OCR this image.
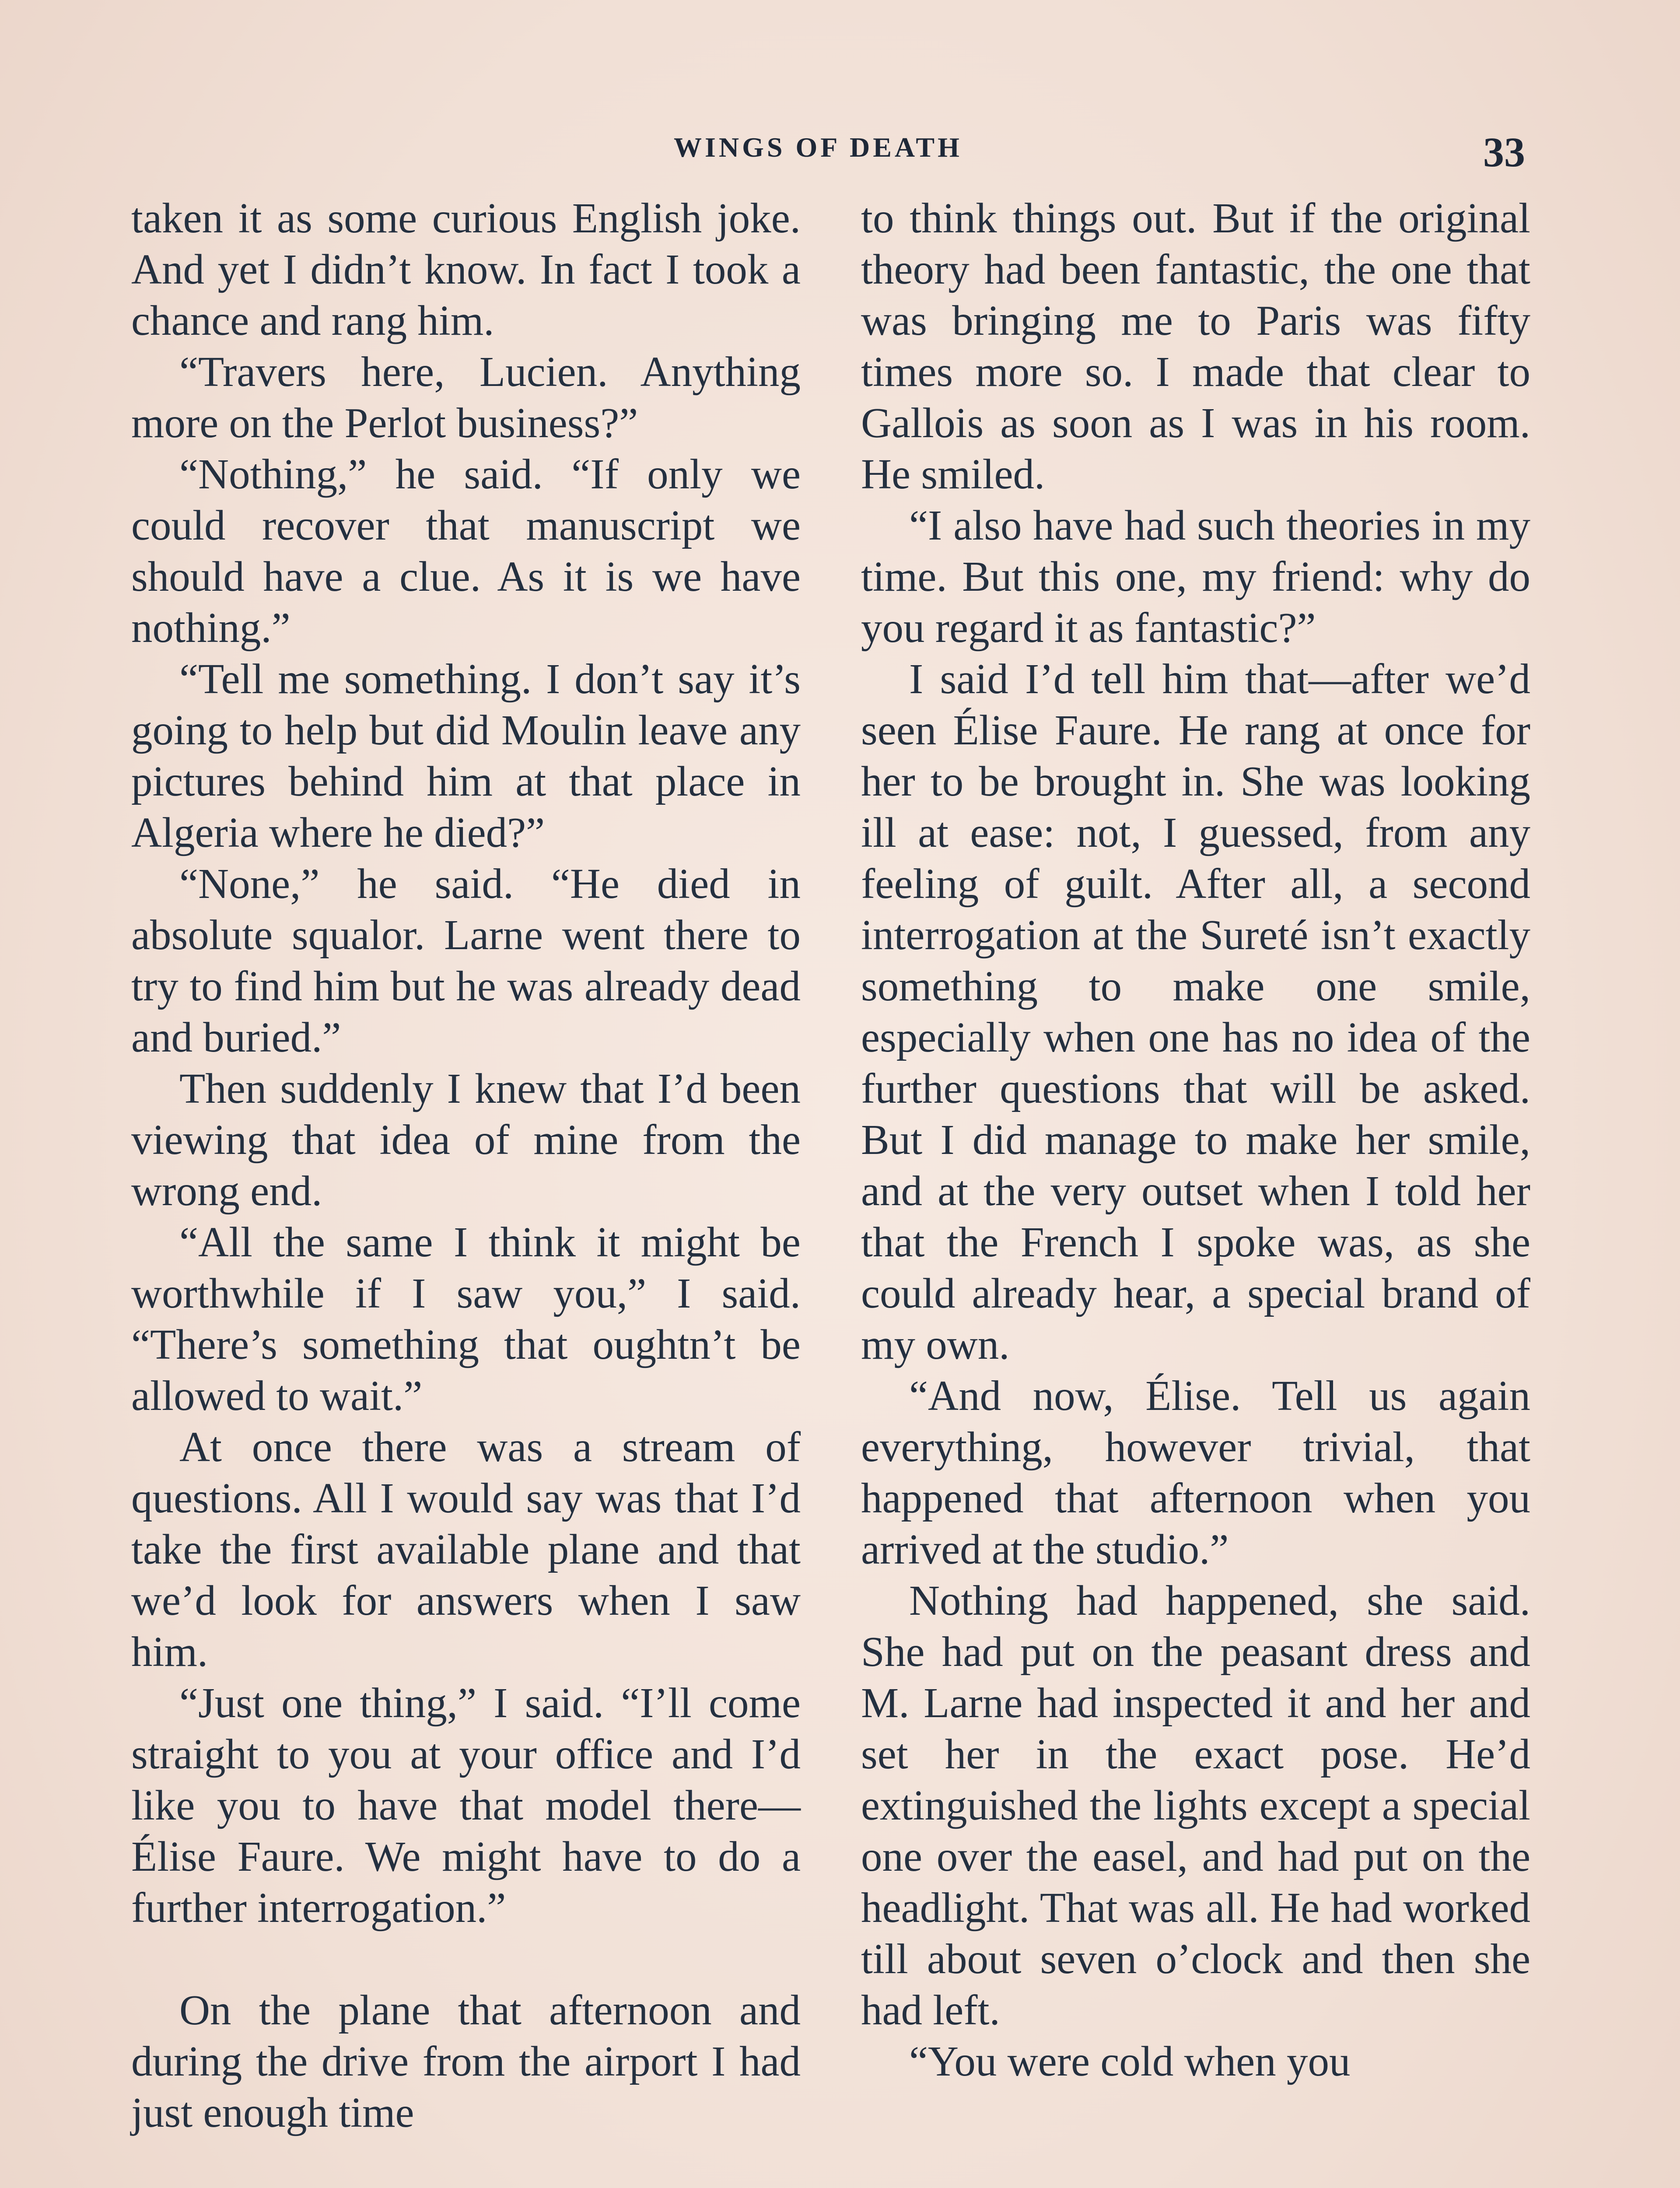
WINGS OF DEATH	33

taken it as some curious English joke. And yet I didn’t know. In fact I took a chance and rang him.

“Travers here, Lucien. Anything more on the Perlot business?”

“Nothing,” he said. “If only we could recover that manuscript we should have a clue. As it is we have nothing.”

“Tell me something. I don’t say it’s going to help but did Moulin leave any pictures behind him at that place in Algeria where he died?”

“None,” he said. “He died in absolute squalor. Larne went there to try to find him but he was already dead and buried.”

Then suddenly I knew that I’d been viewing that idea of mine from the wrong end.

“All the same I think it might be worthwhile if I saw you,” I said. “There’s something that oughtn’t be allowed to wait.”

At once there was a stream of questions. All I would say was that I’d take the first available plane and that we’d look for answers when I saw him.

“Just one thing,” I said. “I’ll come straight to you at your office and I’d like you to have that model there—Élise Faure. We might have to do a further interrogation.”

On the plane that afternoon and during the drive from the airport I had just enough time

to think things out. But if the original theory had been fantastic, the one that was bringing me to Paris was fifty times more so. I made that clear to Gallois as soon as I was in his room. He smiled.

“I also have had such theories in my time. But this one, my friend: why do you regard it as fantastic?”

I said I’d tell him that—after we’d seen Élise Faure. He rang at once for her to be brought in. She was looking ill at ease: not, I guessed, from any feeling of guilt. After all, a second interrogation at the Sureté isn’t exactly something to make one smile, especially when one has no idea of the further questions that will be asked. But I did manage to make her smile, and at the very outset when I told her that the French I spoke was, as she could already hear, a special brand of my own.

“And now, Élise. Tell us again everything, however trivial, that happened that afternoon when you arrived at the studio.”

Nothing had happened, she said. She had put on the peasant dress and M. Larne had inspected it and her and set her in the exact pose. He’d extinguished the lights except a special one over the easel, and had put on the headlight. That was all. He had worked till about seven o’clock and then she had left.

“You were cold when you
